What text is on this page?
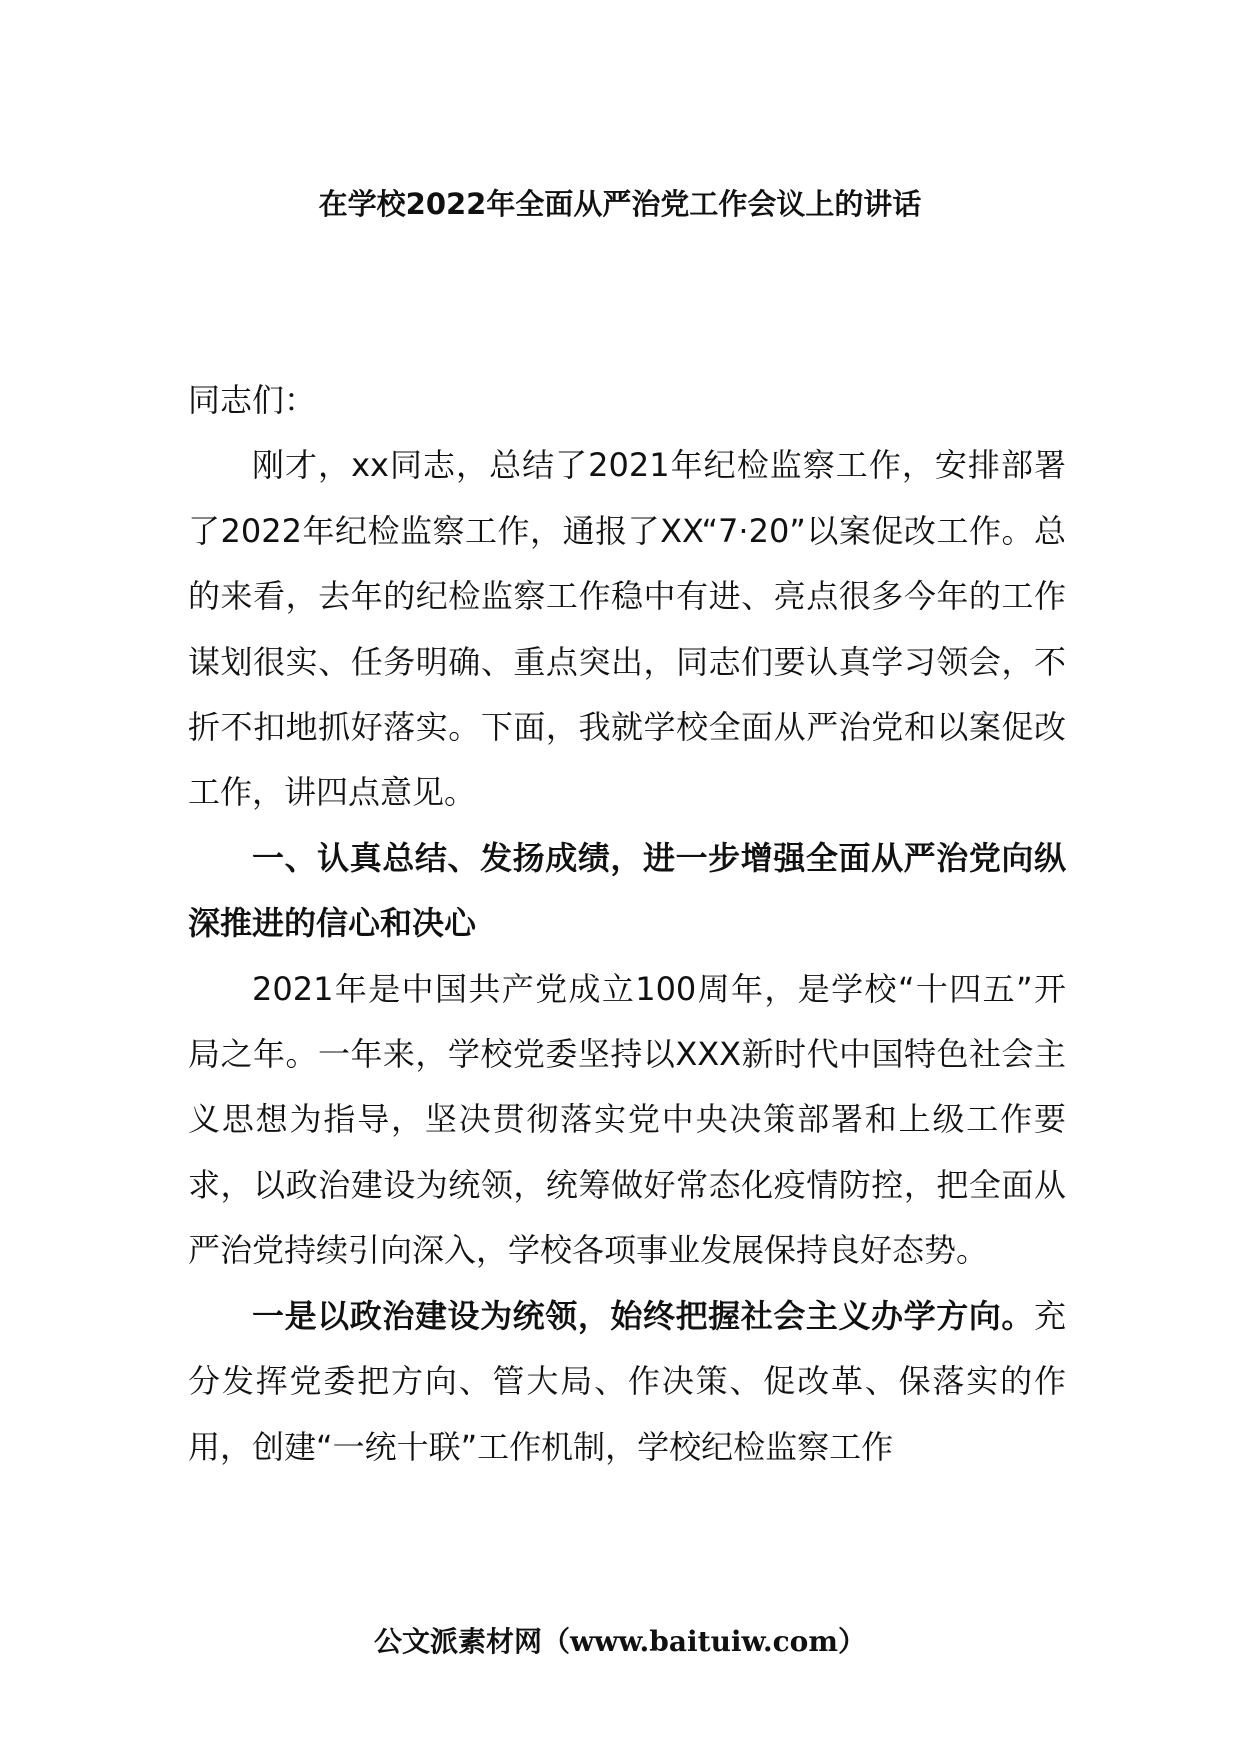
在学校2022年全面从严治党工作会议上的讲话

同志们：

刚才，xx同志，总结了2021年纪检监察工作，安排部署了2022年纪检监察工作，通报了XX“7·20”以案促改工作。总的来看，去年的纪检监察工作稳中有进、亮点很多今年的工作谋划很实、任务明确、重点突出，同志们要认真学习领会，不折不扣地抓好落实。下面，我就学校全面从严治党和以案促改工作，讲四点意见。

一、认真总结、发扬成绩，进一步增强全面从严治党向纵深推进的信心和决心

2021年是中国共产党成立100周年，是学校“十四五”开局之年。一年来，学校党委坚持以XXX新时代中国特色社会主义思想为指导，坚决贯彻落实党中央决策部署和上级工作要求，以政治建设为统领，统筹做好常态化疫情防控，把全面从严治党持续引向深入，学校各项事业发展保持良好态势。

一是以政治建设为统领，始终把握社会主义办学方向。充分发挥党委把方向、管大局、作决策、促改革、保落实的作用，创建“一统十联”工作机制，学校纪检监察工作

公文派素材网（www.baituiw.com）
